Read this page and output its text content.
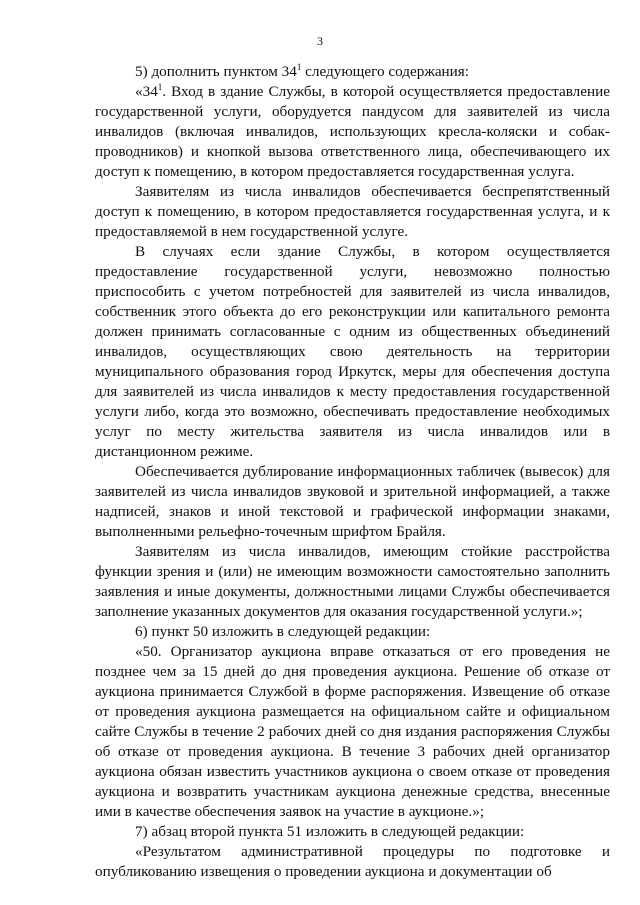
3

5) дополнить пунктом $34^1$ следующего содержания:

«$34^1$. Вход в здание Службы, в которой осуществляется предоставление государственной услуги, оборудуется пандусом для заявителей из числа инвалидов (включая инвалидов, использующих кресла-коляски и собак-проводников) и кнопкой вызова ответственного лица, обеспечивающего их доступ к помещению, в котором предоставляется государственная услуга.

Заявителям из числа инвалидов обеспечивается беспрепятственный доступ к помещению, в котором предоставляется государственная услуга, и к предоставляемой в нем государственной услуге.

В случаях если здание Службы, в котором осуществляется предоставление государственной услуги, невозможно полностью приспособить с учетом потребностей для заявителей из числа инвалидов, собственник этого объекта до его реконструкции или капитального ремонта должен принимать согласованные с одним из общественных объединений инвалидов, осуществляющих свою деятельность на территории муниципального образования город Иркутск, меры для обеспечения доступа для заявителей из числа инвалидов к месту предоставления государственной услуги либо, когда это возможно, обеспечивать предоставление необходимых услуг по месту жительства заявителя из числа инвалидов или в дистанционном режиме.

Обеспечивается дублирование информационных табличек (вывесок) для заявителей из числа инвалидов звуковой и зрительной информацией, а также надписей, знаков и иной текстовой и графической информации знаками, выполненными рельефно-точечным шрифтом Брайля.

Заявителям из числа инвалидов, имеющим стойкие расстройства функции зрения и (или) не имеющим возможности самостоятельно заполнить заявления и иные документы, должностными лицами Службы обеспечивается заполнение указанных документов для оказания государственной услуги.»;

6) пункт 50 изложить в следующей редакции:

«50. Организатор аукциона вправе отказаться от его проведения не позднее чем за 15 дней до дня проведения аукциона. Решение об отказе от аукциона принимается Службой в форме распоряжения. Извещение об отказе от проведения аукциона размещается на официальном сайте и официальном сайте Службы в течение 2 рабочих дней со дня издания распоряжения Службы об отказе от проведения аукциона. В течение 3 рабочих дней организатор аукциона обязан известить участников аукциона о своем отказе от проведения аукциона и возвратить участникам аукциона денежные средства, внесенные ими в качестве обеспечения заявок на участие в аукционе.»;

7) абзац второй пункта 51 изложить в следующей редакции:

«Результатом административной процедуры по подготовке и опубликованию извещения о проведении аукциона и документации об
